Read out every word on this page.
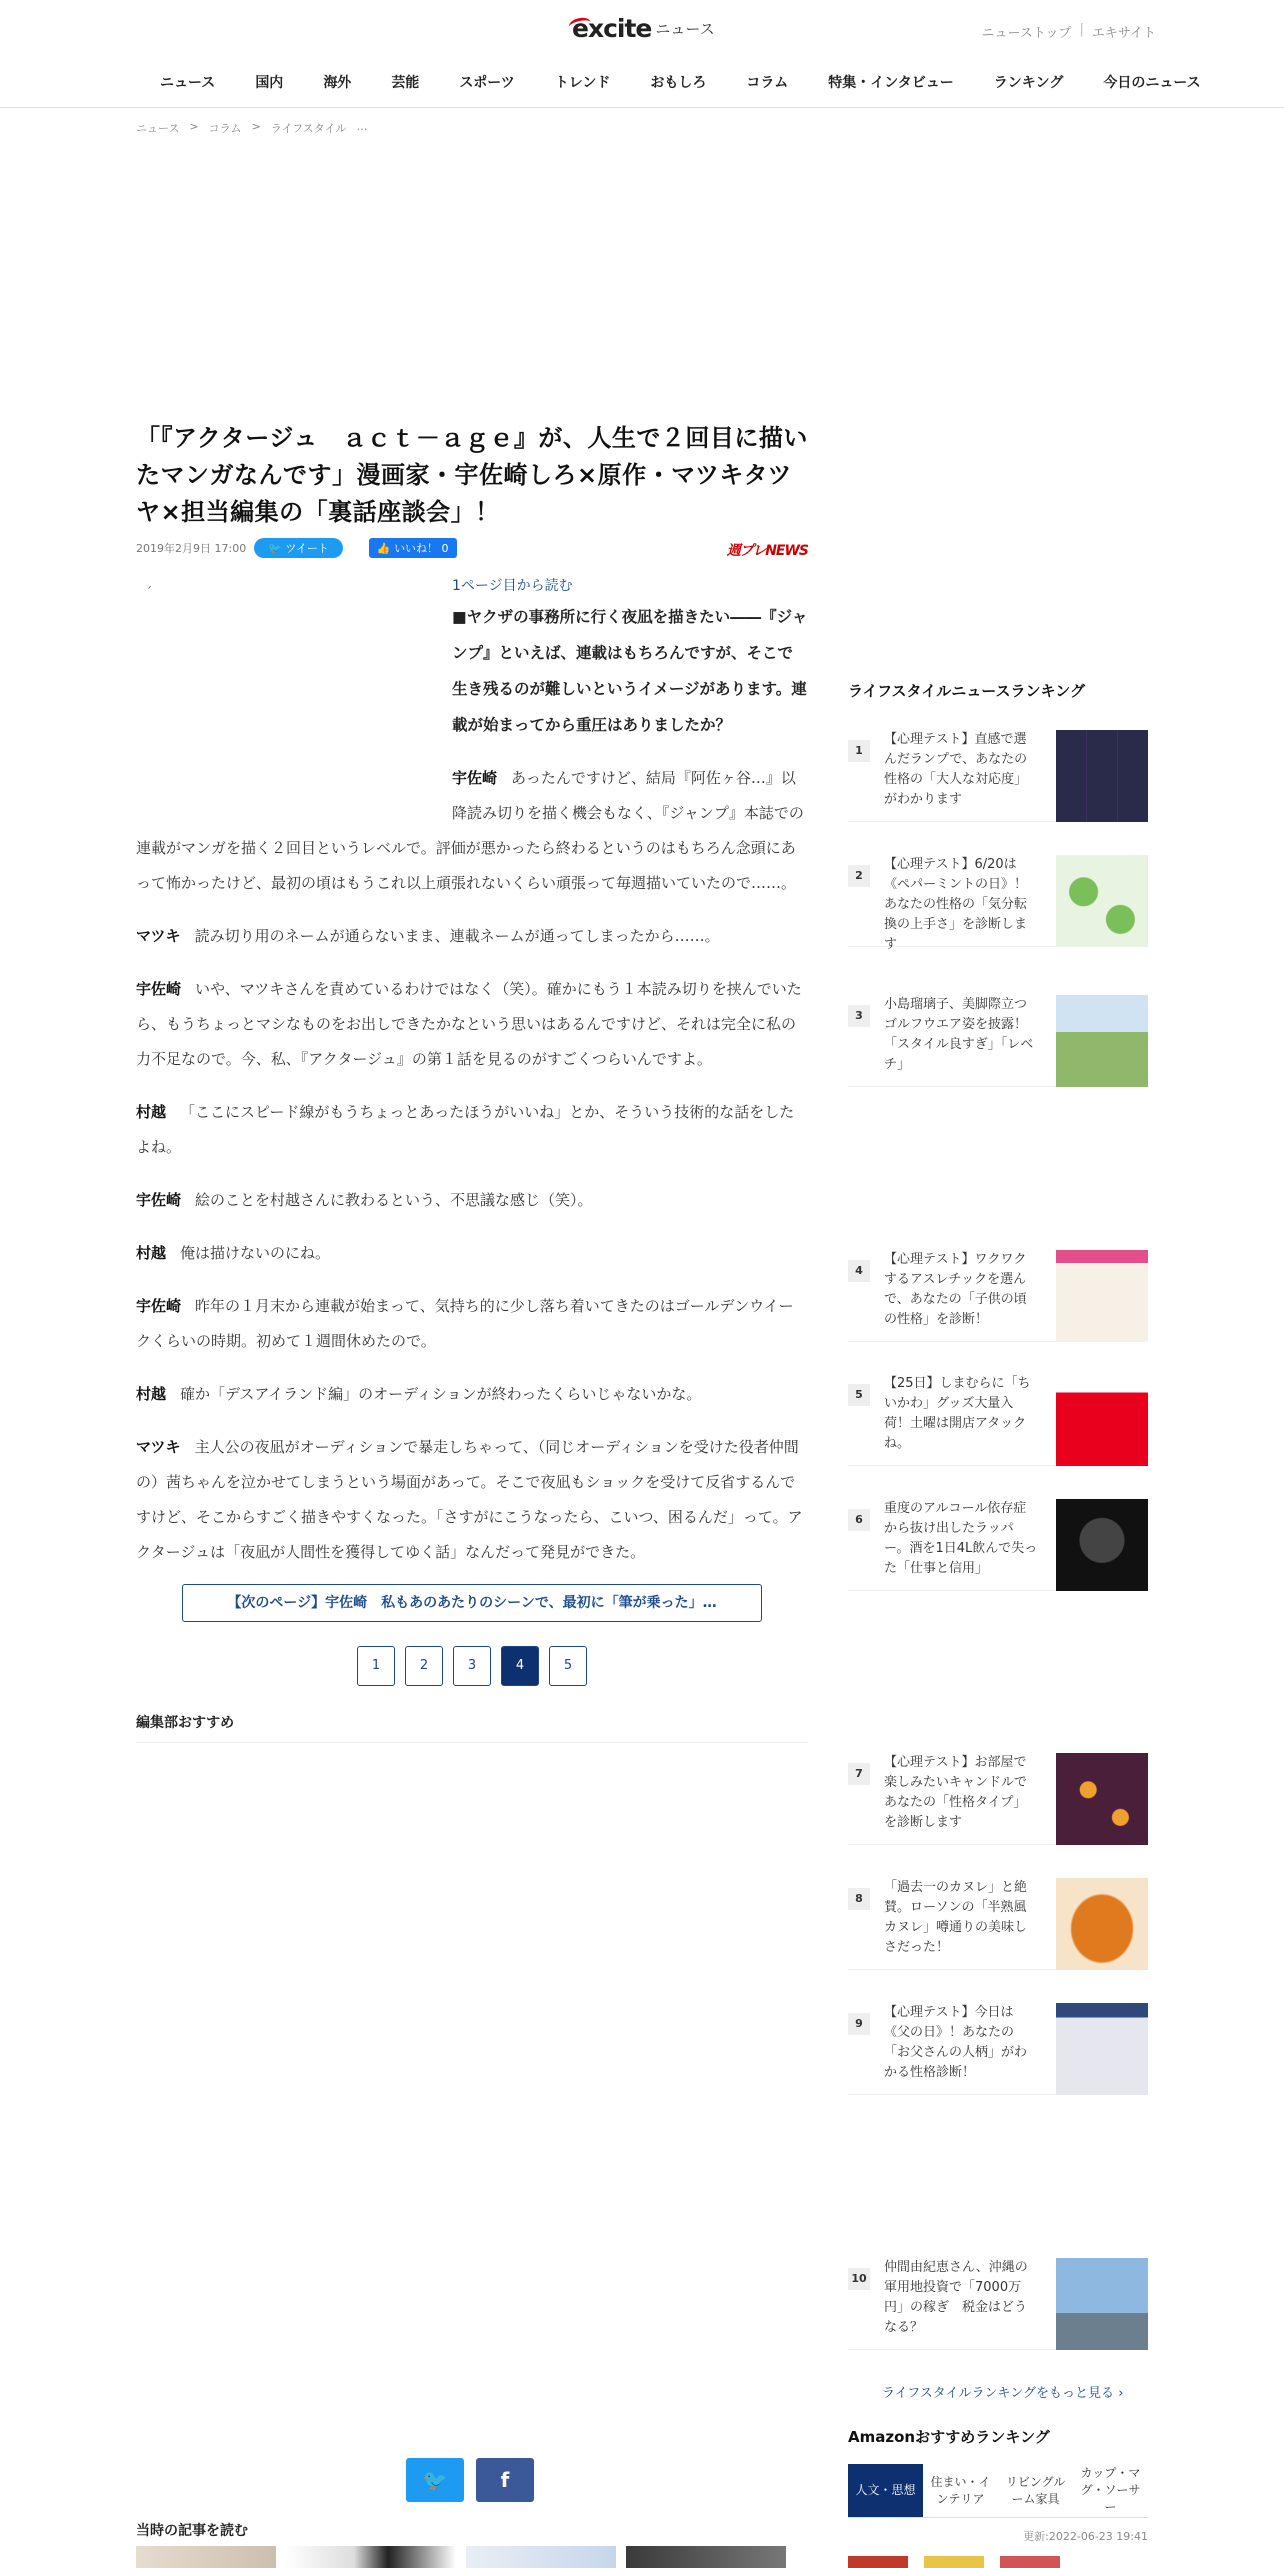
excite ニュース	ニューストップ | エキサイト
ニュース	国内	海外	芸能	スポーツ	トレンド	おもしろ	コラム	特集・インタビュー	ランキング	今日のニュース
ニュース > コラム > ライフスタイル …
「『アクタージュ　ａｃｔ－ａｇｅ』が、人生で２回目に描いたマンガなんです」漫画家・宇佐崎しろ×原作・マツキタツヤ×担当編集の「裏話座談会」！
2019年2月9日 17:00	🐦 ツイート	👍 いいね！ 0	週プレNEWS
ˊ	1ページ目から読む

■ヤクザの事務所に行く夜凪を描きたい――『ジャンプ』といえば、連載はもちろんですが、そこで生き残るのが難しいというイメージがあります。連載が始まってから重圧はありましたか？

宇佐崎 あったんですけど、結局『阿佐ヶ谷…』以降読み切りを描く機会もなく、『ジャンプ』本誌での連載がマンガを描く２回目というレベルで。評価が悪かったら終わるというのはもちろん念頭にあって怖かったけど、最初の頃はもうこれ以上頑張れないくらい頑張って毎週描いていたので……。

マツキ 読み切り用のネームが通らないまま、連載ネームが通ってしまったから……。

宇佐崎 いや、マツキさんを責めているわけではなく（笑）。確かにもう１本読み切りを挟んでいたら、もうちょっとマシなものをお出しできたかなという思いはあるんですけど、それは完全に私の力不足なので。今、私、『アクタージュ』の第１話を見るのがすごくつらいんですよ。

村越 「ここにスピード線がもうちょっとあったほうがいいね」とか、そういう技術的な話をしたよね。

宇佐崎 絵のことを村越さんに教わるという、不思議な感じ（笑）。

村越 俺は描けないのにね。

宇佐崎 昨年の１月末から連載が始まって、気持ち的に少し落ち着いてきたのはゴールデンウイークくらいの時期。初めて１週間休めたので。

村越 確か「デスアイランド編」のオーディションが終わったくらいじゃないかな。

マツキ 主人公の夜凪がオーディションで暴走しちゃって、（同じオーディションを受けた役者仲間の）茜ちゃんを泣かせてしまうという場面があって。そこで夜凪もショックを受けて反省するんですけど、そこからすごく描きやすくなった。「さすがにこうなったら、こいつ、困るんだ」って。アクタージュは「夜凪が人間性を獲得してゆく話」なんだって発見ができた。

【次のページ】宇佐崎　私もあのあたりのシーンで、最初に「筆が乗った」…
1	2	3	4	5
編集部おすすめ
🐦	f
当時の記事を読む
ライフスタイルニュースランキング
1
【心理テスト】直感で選んだランプで、あなたの性格の「大人な対応度」がわかります
2
【心理テスト】6/20は《ペパーミントの日》！あなたの性格の「気分転換の上手さ」を診断します
3
小島瑠璃子、美脚際立つゴルフウエア姿を披露！「スタイル良すぎ」「レベチ」
4
【心理テスト】ワクワクするアスレチックを選んで、あなたの「子供の頃の性格」を診断！
5
【25日】しまむらに「ちいかわ」グッズ大量入荷！土曜は開店アタックね。
6
重度のアルコール依存症から抜け出したラッパー。酒を1日4L飲んで失った「仕事と信用」
7
【心理テスト】お部屋で楽しみたいキャンドルであなたの「性格タイプ」を診断します
8
「過去一のカヌレ」と絶賛。ローソンの「半熟風カヌレ」噂通りの美味しさだった！
9
【心理テスト】今日は《父の日》！あなたの「お父さんの人柄」がわかる性格診断！
10
仲間由紀恵さん、沖縄の軍用地投資で「7000万円」の稼ぎ　税金はどうなる？
ライフスタイルランキングをもっと見る ›
Amazonおすすめランキング
人文・思想
住まい・インテリア
リビングルーム家具
カップ・マグ・ソーサー
更新:2022-06-23 19:41
